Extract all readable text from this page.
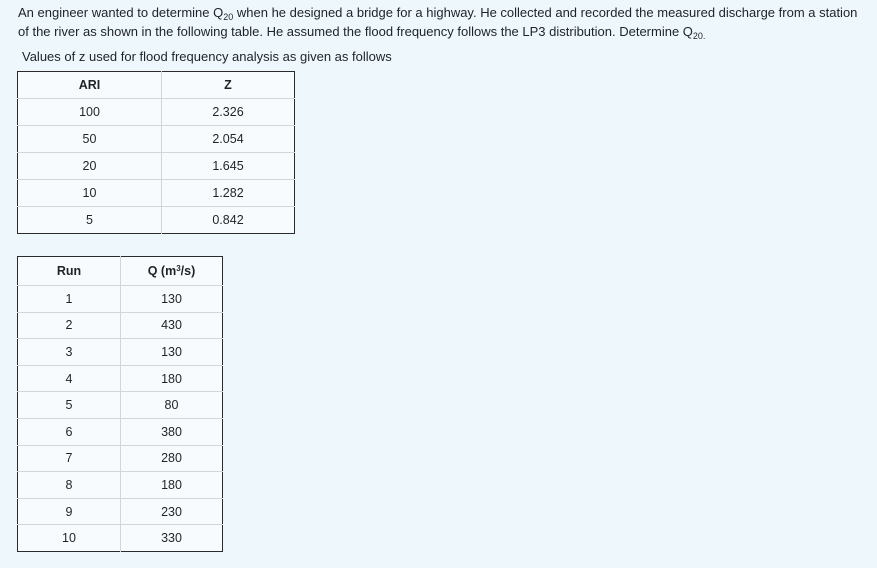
An engineer wanted to determine $Q_{20}$ when he designed a bridge for a highway. He collected and recorded the measured discharge from a station of the river as shown in the following table. He assumed the flood frequency follows the LP3 distribution. Determine $Q_{20.}$
Values of z used for flood frequency analysis as given as follows
ARI	Z
100	2.326
50	2.054
20	1.645
10	1.282
5	0.842
Run	Q $(m^3/s)$
1	130
2	430
3	130
4	180
5	80
6	380
7	280
8	180
9	230
10	330
